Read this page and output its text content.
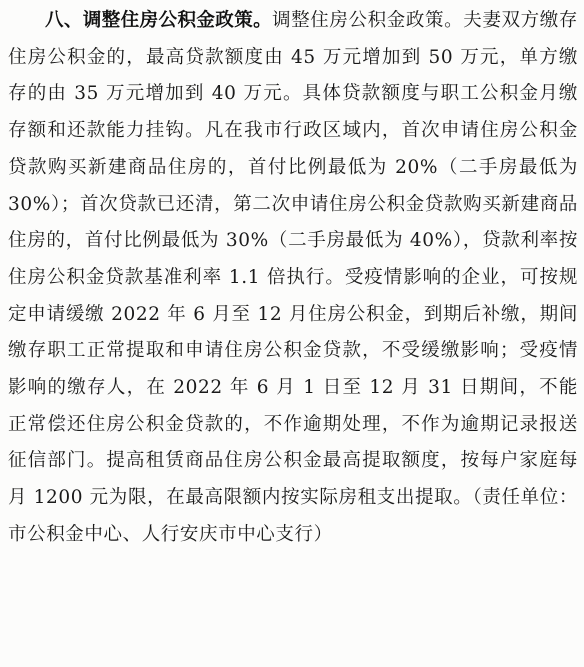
八、调整住房公积金政策。调整住房公积金政策。夫妻双方缴存住房公积金的，最高贷款额度由 45 万元增加到 50 万元，单方缴存的由 35 万元增加到 40 万元。具体贷款额度与职工公积金月缴存额和还款能力挂钩。凡在我市行政区域内，首次申请住房公积金贷款购买新建商品住房的，首付比例最低为 20%（二手房最低为 30%）；首次贷款已还清，第二次申请住房公积金贷款购买新建商品住房的，首付比例最低为 30%（二手房最低为 40%），贷款利率按住房公积金贷款基准利率 1.1 倍执行。受疫情影响的企业，可按规定申请缓缴 2022 年 6 月至 12 月住房公积金，到期后补缴，期间缴存职工正常提取和申请住房公积金贷款，不受缓缴影响；受疫情影响的缴存人，在 2022 年 6 月 1 日至 12 月 31 日期间，不能正常偿还住房公积金贷款的，不作逾期处理，不作为逾期记录报送征信部门。提高租赁商品住房公积金最高提取额度，按每户家庭每月 1200 元为限，在最高限额内按实际房租支出提取。（责任单位：市公积金中心、人行安庆市中心支行）
